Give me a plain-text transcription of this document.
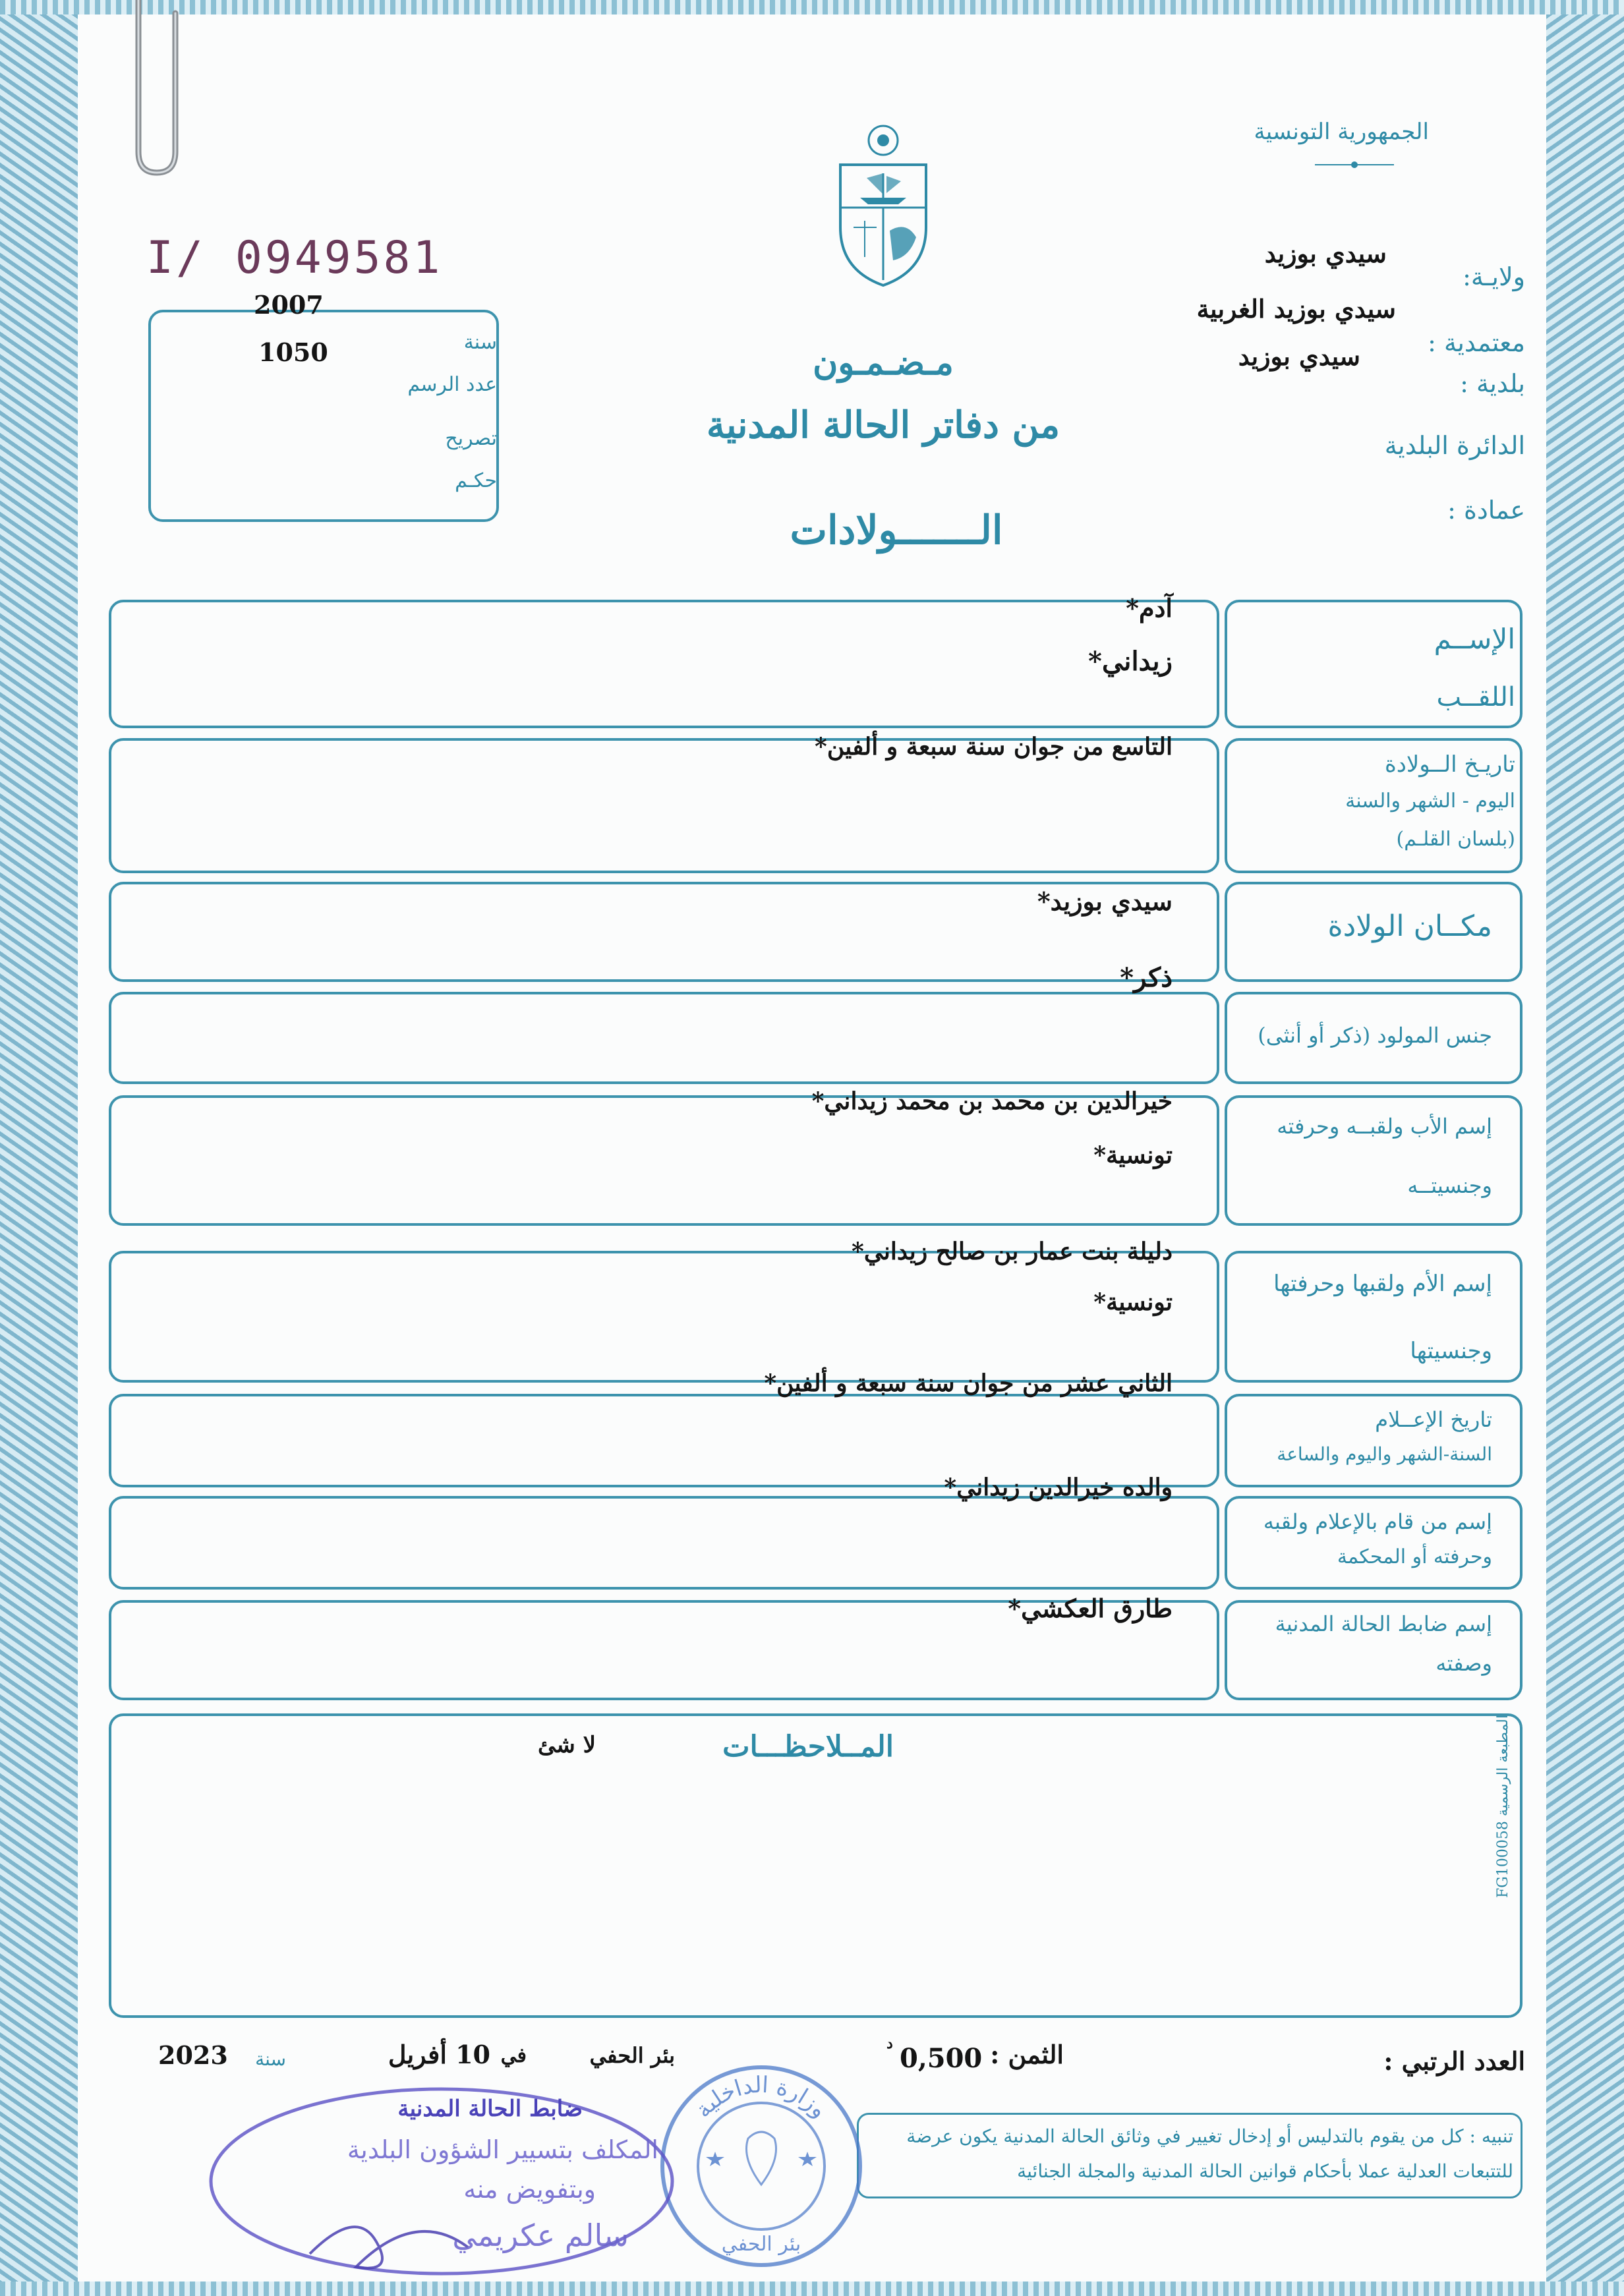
الجمهورية التونسية
ولايـة:
سيدي بوزيد
معتمدية :
سيدي بوزيد الغربية
بلدية :
سيدي بوزيد
الدائرة البلدية
عمادة :
I/ 0949581
2007
1050	سنة
عدد الرسم
تصريح
حكـم
مـضـمـون
من دفاتر الحالة المدنية
الـــــــولادات
الإســم
اللقــب
آدم*
زيداني*
تاريـخ الــولادة
اليوم - الشهر والسنة
(بلسان القلـم)
التاسع من جوان سنة سبعة و ألفين*
مكــان الولادة
سيدي بوزيد*
جنس المولود (ذكر أو أنثى)
ذكر*
إسم الأب ولقبــه وحرفته
وجنسيتــه
خيرالدين بن محمد بن محمد زيداني*
تونسية*
إسم الأم ولقبها وحرفتها
وجنسيتها
دليلة بنت عمار بن صالح زيداني*
تونسية*
تاريخ الإعــلام
السنة-الشهر واليوم والساعة
الثاني عشر من جوان سنة سبعة و ألفين*
إسم من قام بالإعلام ولقبه
وحرفته أو المحكمة
والده خيرالدين زيداني*
إسم ضابط الحالة المدنية
وصفته
طارق العكشي*
المــلاحظـــات
لا شئ
المطبعة الرسمية FG100058
العدد الرتبي :
الثمن :
0,500
د
بئر الحفي
في
10 أفريل
سنة
2023
تنبيه : كل من يقوم بالتدليس أو إدخال تغيير في وثائق الحالة المدنية يكون عرضة
للتتبعات العدلية عملا بأحكام قوانين الحالة المدنية والمجلة الجنائية
وزارة الداخلية
بئر الحفي
ضابط الحالة المدنية
المكلف بتسيير الشؤون البلدية
وبتفويض منه
سالم عكريمي
